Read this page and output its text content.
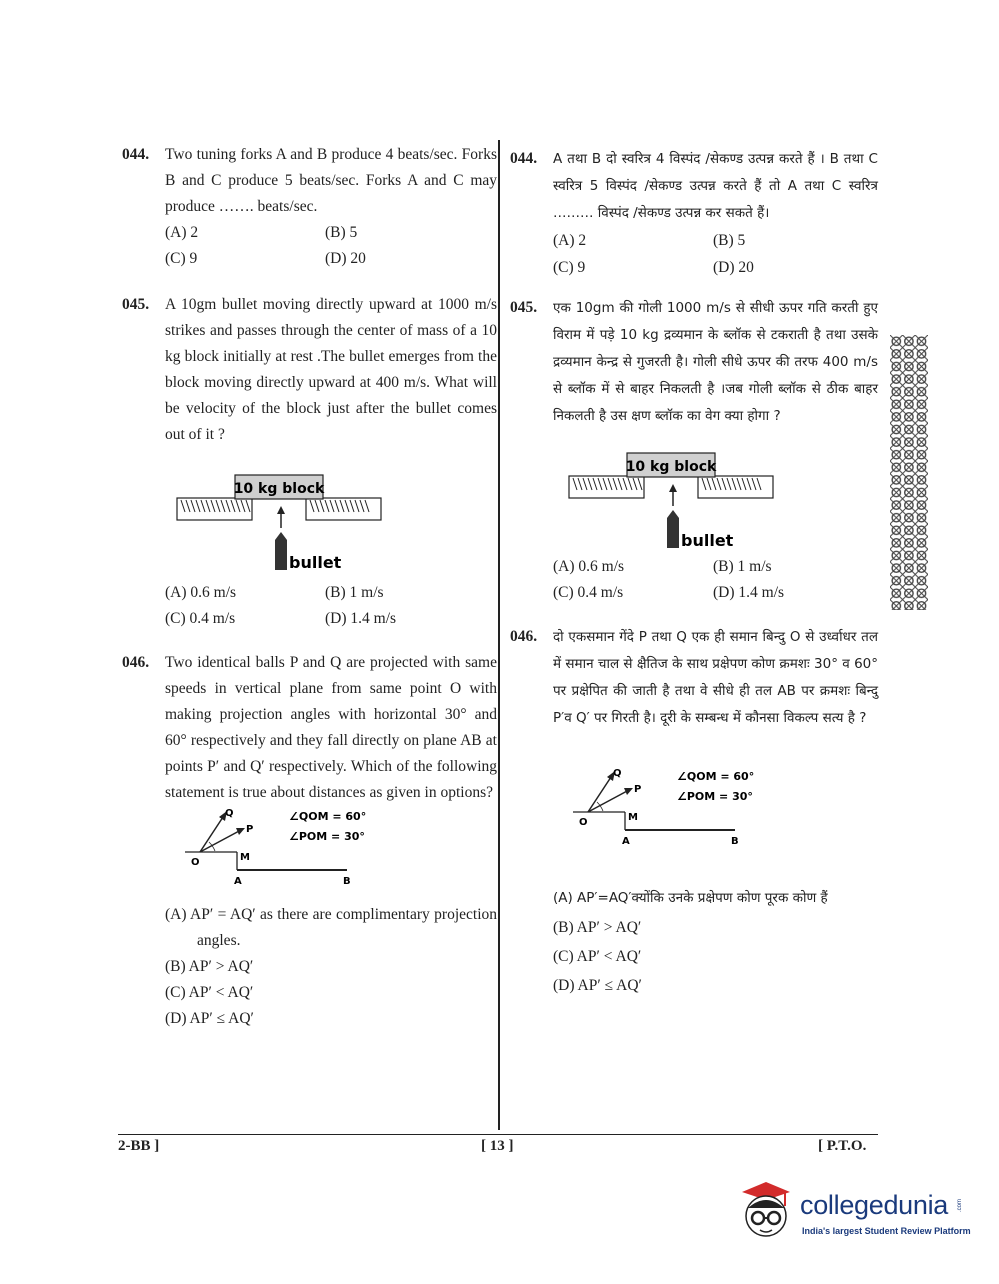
044. Two tuning forks A and B produce 4 beats/sec. Forks B and C produce 5 beats/sec. Forks A and C may produce ……. beats/sec.
(A) 2	(B) 5
(C) 9	(D) 20
045. A 10gm bullet moving directly upward at 1000 m/s strikes and passes through the center of mass of a 10 kg block initially at rest .The bullet emerges from the block moving directly upward at 400 m/s. What will be velocity of the block just after the bullet comes out of it ?
10 kg block
bullet
(A) 0.6 m/s	(B) 1 m/s
(C) 0.4 m/s	(D) 1.4 m/s
046. Two identical balls P and Q are projected with same speeds in vertical plane from same point O with making projection angles with horizontal 30° and 60° respectively and they fall directly on plane AB at points P′ and Q′ respectively. Which of the following statement is true about distances as given in options?
Q
P
O	M
A	B
∠QOM = 60°
∠POM = 30°
(A) AP′ = AQ′ as there are complimentary projection angles.
(B) AP′ > AQ′
(C) AP′ < AQ′
(D) AP′ ≤ AQ′
044. A तथा B दो स्वरित्र 4 विस्पंद /सेकण्ड उत्पन्न करते हैं । B तथा C स्वरित्र 5 विस्पंद /सेकण्ड उत्पन्न करते हैं तो A तथा C स्वरित्र ……… विस्पंद /सेकण्ड उत्पन्न कर सकते हैं।
(A) 2	(B) 5
(C) 9	(D) 20
045. एक 10gm की गोली 1000 m/s से सीधी ऊपर गति करती हुए विराम में पड़े 10 kg द्रव्यमान के ब्लॉक से टकराती है तथा उसके द्रव्यमान केन्द्र से गुजरती है। गोली सीधे ऊपर की तरफ 400 m/s से ब्लॉक में से बाहर निकलती है ।जब गोली ब्लॉक से ठीक बाहर निकलती है उस क्षण ब्लॉक का वेग क्या होगा ?
10 kg block
bullet
(A) 0.6 m/s	(B) 1 m/s
(C) 0.4 m/s	(D) 1.4 m/s
046. दो एकसमान गेंदे P तथा Q एक ही समान बिन्दु O से उर्ध्वाधर तल में समान चाल से क्षैतिज के साथ प्रक्षेपण कोण क्रमशः 30° व 60° पर प्रक्षेपित की जाती है तथा वे सीधे ही तल AB पर क्रमशः बिन्दु P′व Q′ पर गिरती है। दूरी के सम्बन्ध में कौनसा विकल्प सत्य है ?
Q
P
O	M
A	B
∠QOM = 60°
∠POM = 30°
(A) AP′=AQ′क्योंकि उनके प्रक्षेपण कोण पूरक कोण हैं
(B) AP′ > AQ′
(C) AP′ < AQ′
(D) AP′ ≤ AQ′
2-BB ]	[ 13 ]	[ P.T.O.
.com
collegedunia
India's largest Student Review Platform
